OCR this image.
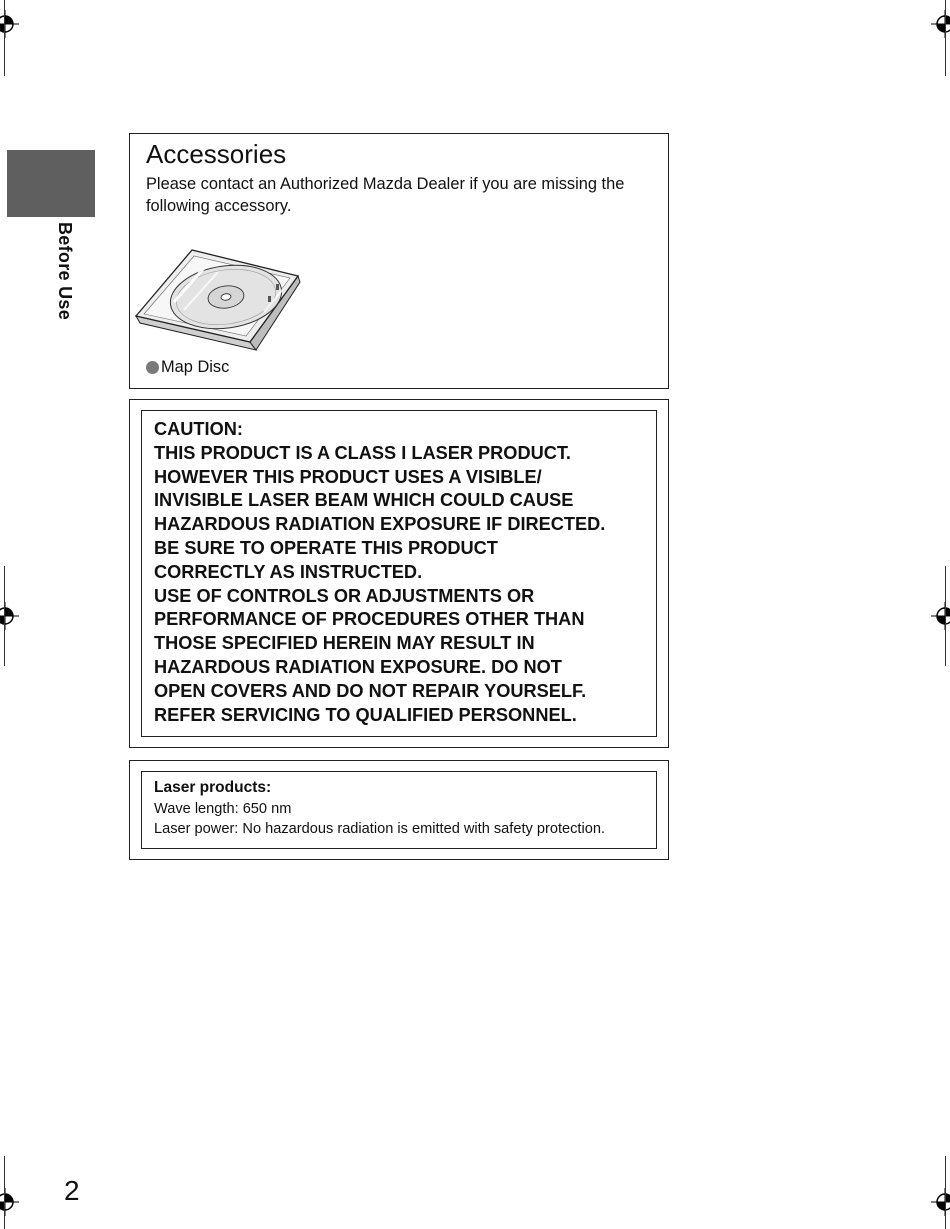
Before Use
Accessories
Please contact an Authorized Mazda Dealer if you are missing the following accessory.
Map Disc
CAUTION:
THIS PRODUCT IS A CLASS I LASER PRODUCT.
HOWEVER THIS PRODUCT USES A VISIBLE/
INVISIBLE LASER BEAM WHICH COULD CAUSE
HAZARDOUS RADIATION EXPOSURE IF DIRECTED.
BE SURE TO OPERATE THIS PRODUCT
CORRECTLY AS INSTRUCTED.
USE OF CONTROLS OR ADJUSTMENTS OR
PERFORMANCE OF PROCEDURES OTHER THAN
THOSE SPECIFIED HEREIN MAY RESULT IN
HAZARDOUS RADIATION EXPOSURE. DO NOT
OPEN COVERS AND DO NOT REPAIR YOURSELF.
REFER SERVICING TO QUALIFIED PERSONNEL.
Laser products:
Wave length: 650 nm
Laser power: No hazardous radiation is emitted with safety protection.
2
